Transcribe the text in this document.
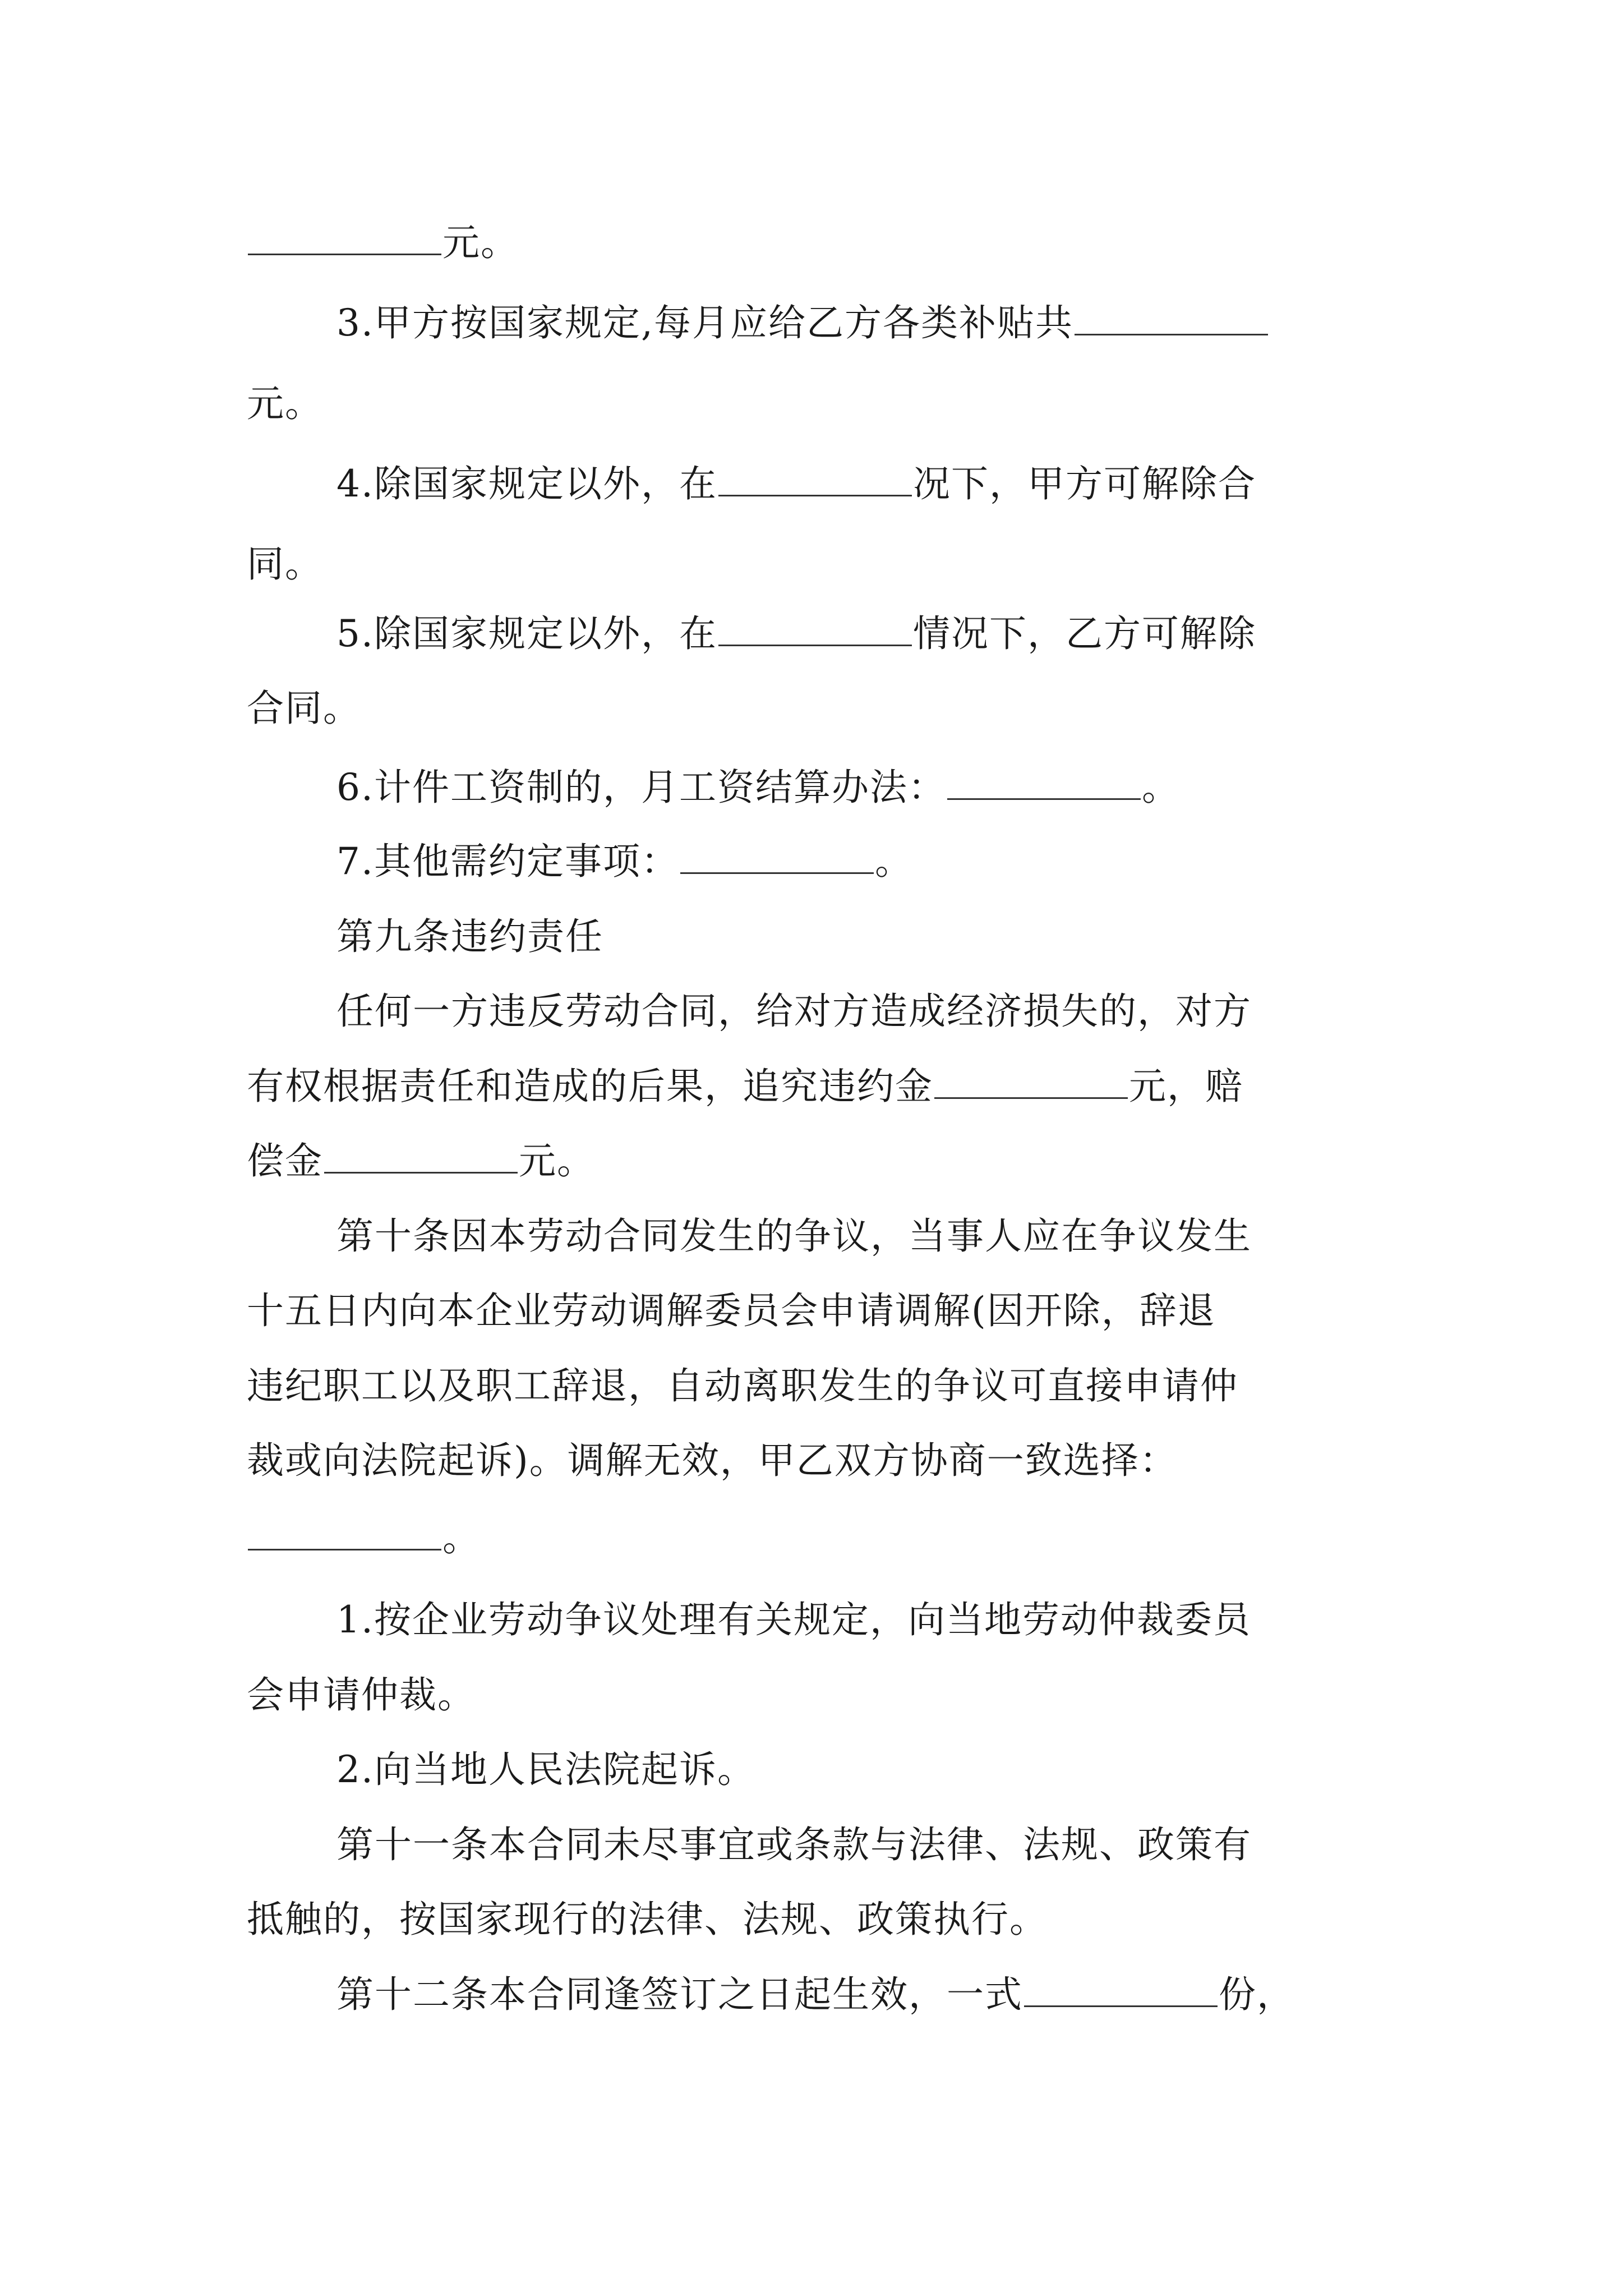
元。
3.甲方按国家规定,每月应给乙方各类补贴共
元。
4.除国家规定以外，在	况下，甲方可解除合
同。
5.除国家规定以外，在	情况下，乙方可解除
合同。
6.计件工资制的，月工资结算办法：	。
7.其他需约定事项：	。
第九条违约责任
任何一方违反劳动合同，给对方造成经济损失的，对方
有权根据责任和造成的后果，追究违约金	元，赔
偿金	元。
第十条因本劳动合同发生的争议，当事人应在争议发生
十五日内向本企业劳动调解委员会申请调解(因开除，辞退
违纪职工以及职工辞退，自动离职发生的争议可直接申请仲
裁或向法院起诉)。调解无效，甲乙双方协商一致选择：
。
1.按企业劳动争议处理有关规定，向当地劳动仲裁委员
会申请仲裁。
2.向当地人民法院起诉。
第十一条本合同未尽事宜或条款与法律、法规、政策有
抵触的，按国家现行的法律、法规、政策执行。
第十二条本合同逢签订之日起生效，一式	份，
